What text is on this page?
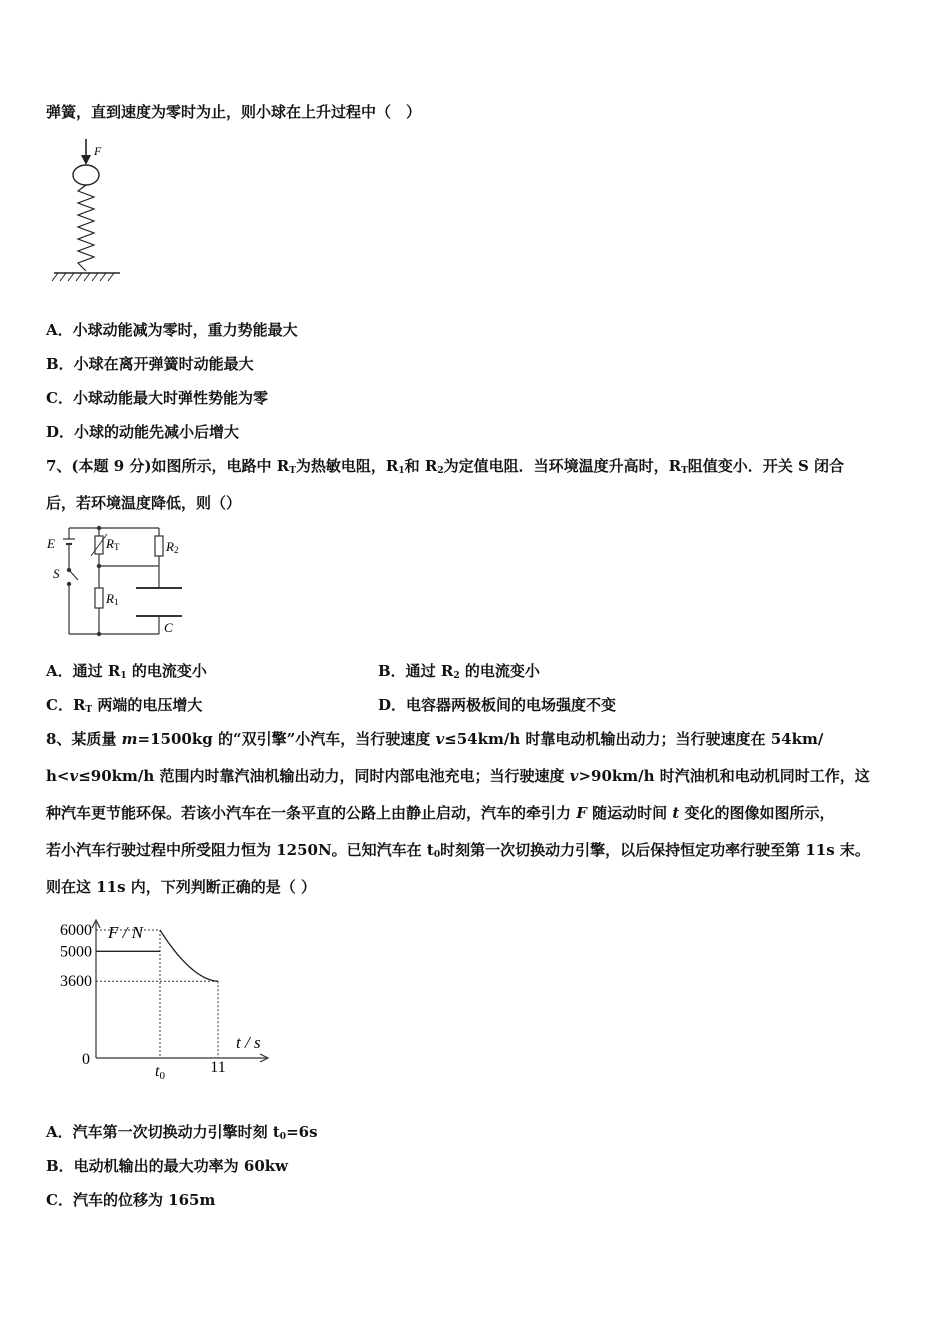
弹簧，直到速度为零时为止，则小球在上升过程中（　）
F
A．小球动能减为零时，重力势能最大
B．小球在离开弹簧时动能最大
C．小球动能最大时弹性势能为零
D．小球的动能先减小后增大
7、(本题 9 分)如图所示，电路中 $R_T$为热敏电阻，$R_1$和 $R_2$为定值电阻．当环境温度升高时，$R_T$阻值变小．开关 S 闭合
后，若环境温度降低，则（）
E
S
RT
R1
R2
C
A．通过 $R_1$ 的电流变小	B．通过 $R_2$ 的电流变小
C．$R_T$ 两端的电压增大	D．电容器两极板间的电场强度不变
8、某质量 m=1500kg 的“双引擎”小汽车，当行驶速度 v≤54km/h 时靠电动机输出动力；当行驶速度在 54km/
h<v≤90km/h 范围内时靠汽油机输出动力，同时内部电池充电；当行驶速度 v>90km/h 时汽油机和电动机同时工作，这
种汽车更节能环保。若该小汽车在一条平直的公路上由静止启动，汽车的牵引力 F 随运动时间 t 变化的图像如图所示，
若小汽车行驶过程中所受阻力恒为 1250N。已知汽车在 $t_0$时刻第一次切换动力引擎，以后保持恒定功率行驶至第 11s 末。
则在这 11s 内，下列判断正确的是（ ）
F / N
t / s
6000
5000
3600
0
t0	11
A．汽车第一次切换动力引擎时刻 $t_0=6s$
B．电动机输出的最大功率为 60kw
C．汽车的位移为 165m
